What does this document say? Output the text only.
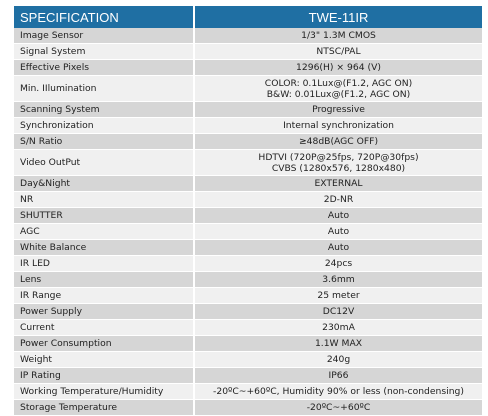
SPECIFICATION	TWE-11IR
Image Sensor	1/3" 1.3M CMOS

Signal System	NTSC/PAL

Effective Pixels	1296(H) × 964 (V)

Min. IIlumination	COLOR: 0.1Lux@(F1.2, AGC ON)
B&W: 0.01Lux@(F1.2, AGC ON)

Scanning System	Progressive

Synchronization	Internal synchronization

S/N Ratio	≥48dB(AGC OFF)

Video OutPut	HDTVI (720P@25fps, 720P@30fps)
CVBS (1280x576, 1280x480)

Day&Night	EXTERNAL

NR	2D-NR

SHUTTER	Auto

AGC	Auto

White Balance	Auto

IR LED	24pcs

Lens	3.6mm

IR Range	25 meter

Power Supply	DC12V

Current	230mA

Power Consumption	1.1W MAX

Weight	240g

IP Rating	IP66

Working Temperature/Humidity	-20ºC~+60ºC, Humidity 90% or less (non-condensing)

Storage Temperature	-20ºC~+60ºC
